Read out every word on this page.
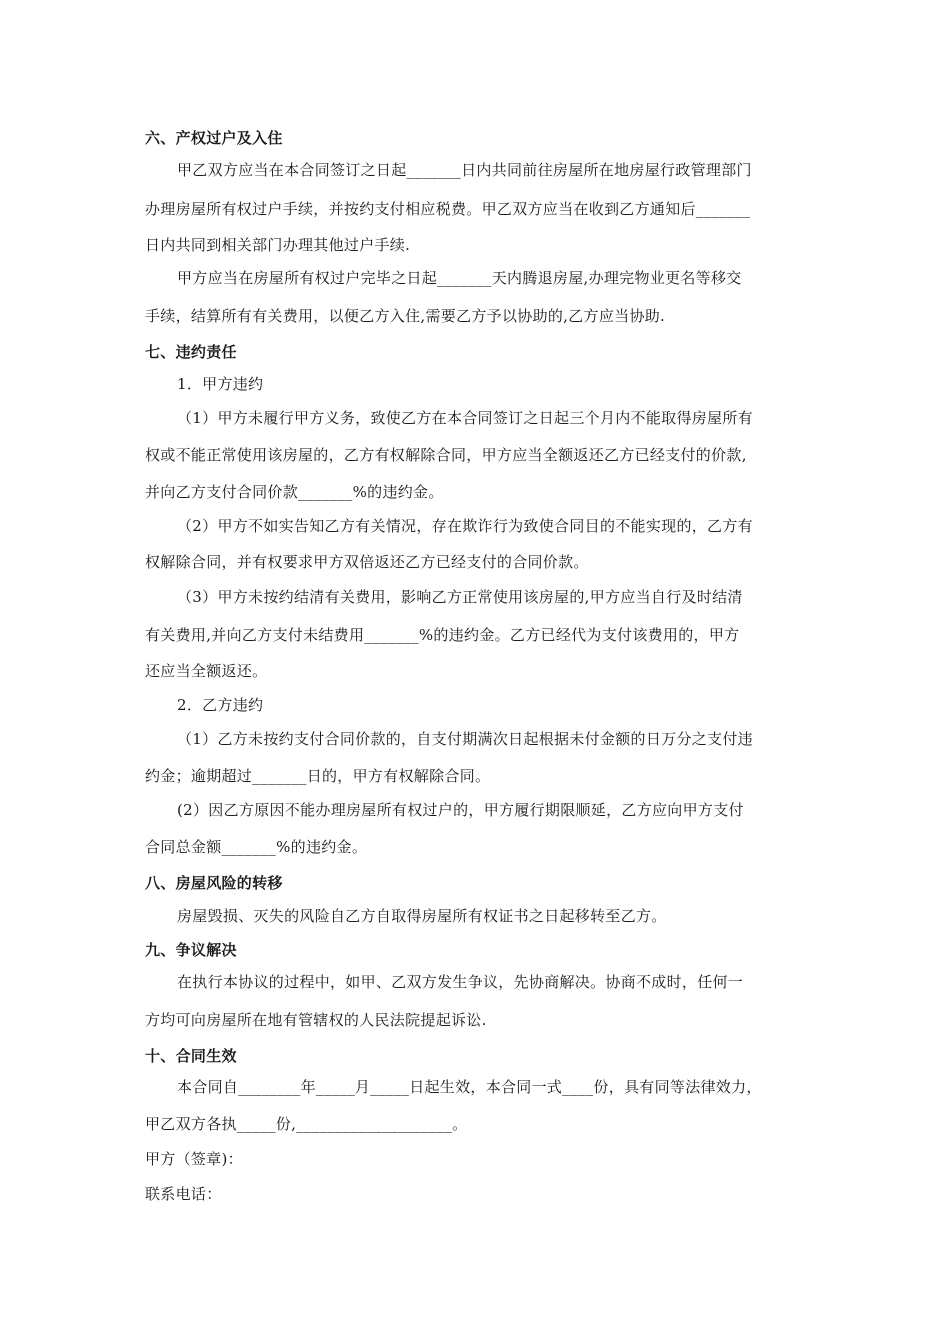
六、产权过户及入住
甲乙双方应当在本合同签订之日起_______日内共同前往房屋所在地房屋行政管理部门
办理房屋所有权过户手续，并按约支付相应税费。甲乙双方应当在收到乙方通知后_______
日内共同到相关部门办理其他过户手续.
甲方应当在房屋所有权过户完毕之日起_______天内腾退房屋,办理完物业更名等移交
手续，结算所有有关费用，以便乙方入住,需要乙方予以协助的,乙方应当协助.
七、违约责任
1．甲方违约
（1）甲方未履行甲方义务，致使乙方在本合同签订之日起三个月内不能取得房屋所有
权或不能正常使用该房屋的，乙方有权解除合同，甲方应当全额返还乙方已经支付的价款,
并向乙方支付合同价款_______%的违约金。
（2）甲方不如实告知乙方有关情况，存在欺诈行为致使合同目的不能实现的，乙方有
权解除合同，并有权要求甲方双倍返还乙方已经支付的合同价款。
（3）甲方未按约结清有关费用，影响乙方正常使用该房屋的,甲方应当自行及时结清
有关费用,并向乙方支付未结费用_______%的违约金。乙方已经代为支付该费用的，甲方
还应当全额返还。
2．乙方违约
（1）乙方未按约支付合同价款的，自支付期满次日起根据未付金额的日万分之支付违
约金；逾期超过_______日的，甲方有权解除合同。
(2）因乙方原因不能办理房屋所有权过户的，甲方履行期限顺延，乙方应向甲方支付
合同总金额_______%的违约金。
八、房屋风险的转移
房屋毁损、灭失的风险自乙方自取得房屋所有权证书之日起移转至乙方。
九、争议解决
在执行本协议的过程中，如甲、乙双方发生争议，先协商解决。协商不成时，任何一
方均可向房屋所在地有管辖权的人民法院提起诉讼.
十、合同生效
本合同自________年_____月_____日起生效，本合同一式____份，具有同等法律效力，
甲乙双方各执_____份,____________________。
甲方（签章)：
联系电话：
